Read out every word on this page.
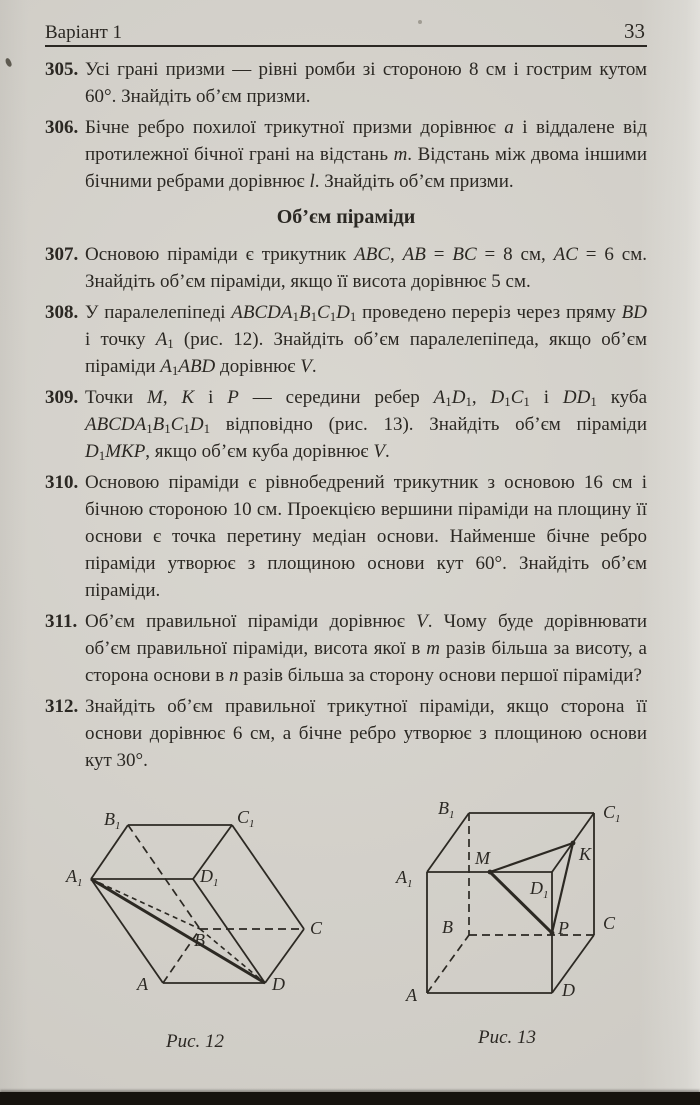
Варіант 1	33

305. Усі грані призми — рівні ромби зі стороною 8 см і гострим кутом 60°. Знайдіть об’єм призми.

306. Бічне ребро похилої трикутної призми дорівнює a і віддалене від протилежної бічної грані на відстань m. Відстань між двома іншими бічними ребрами дорівнює l. Знайдіть об’єм призми.

Об’єм піраміди

307. Основою піраміди є трикутник ABC, AB = BC = 8 см, AC = 6 см. Знайдіть об’єм піраміди, якщо її висота дорівнює 5 см.

308. У паралелепіпеді $ABCDA_1B_1C_1D_1$ проведено переріз через пряму BD і точку $A_1$ (рис. 12). Знайдіть об’єм паралелепіпеда, якщо об’єм піраміди $A_1ABD$ дорівнює V.

309. Точки M, K і P — середини ребер $A_1D_1$, $D_1C_1$ і $DD_1$ куба $ABCDA_1B_1C_1D_1$ відповідно (рис. 13). Знайдіть об’єм піраміди $D_1MKP$, якщо об’єм куба дорівнює V.

310. Основою піраміди є рівнобедрений трикутник з основою 16 см і бічною стороною 10 см. Проекцією вершини піраміди на площину її основи є точка перетину медіан основи. Найменше бічне ребро піраміди утворює з площиною основи кут 60°. Знайдіть об’єм піраміди.

311. Об’єм правильної піраміди дорівнює V. Чому буде дорівнювати об’єм правильної піраміди, висота якої в m разів більша за висоту, а сторона основи в n разів більша за сторону основи першої піраміди?

312. Знайдіть об’єм правильної трикутної піраміди, якщо сторона її основи дорівнює 6 см, а бічне ребро утворює з площиною основи кут 30°.

Рис. 12
$B_1$	$C_1$
$A_1$	$D_1$
B
C
A	D
Рис. 13
$B_1$	$C_1$
$A_1$	$D_1$
M	K
B	C
P
A	D
